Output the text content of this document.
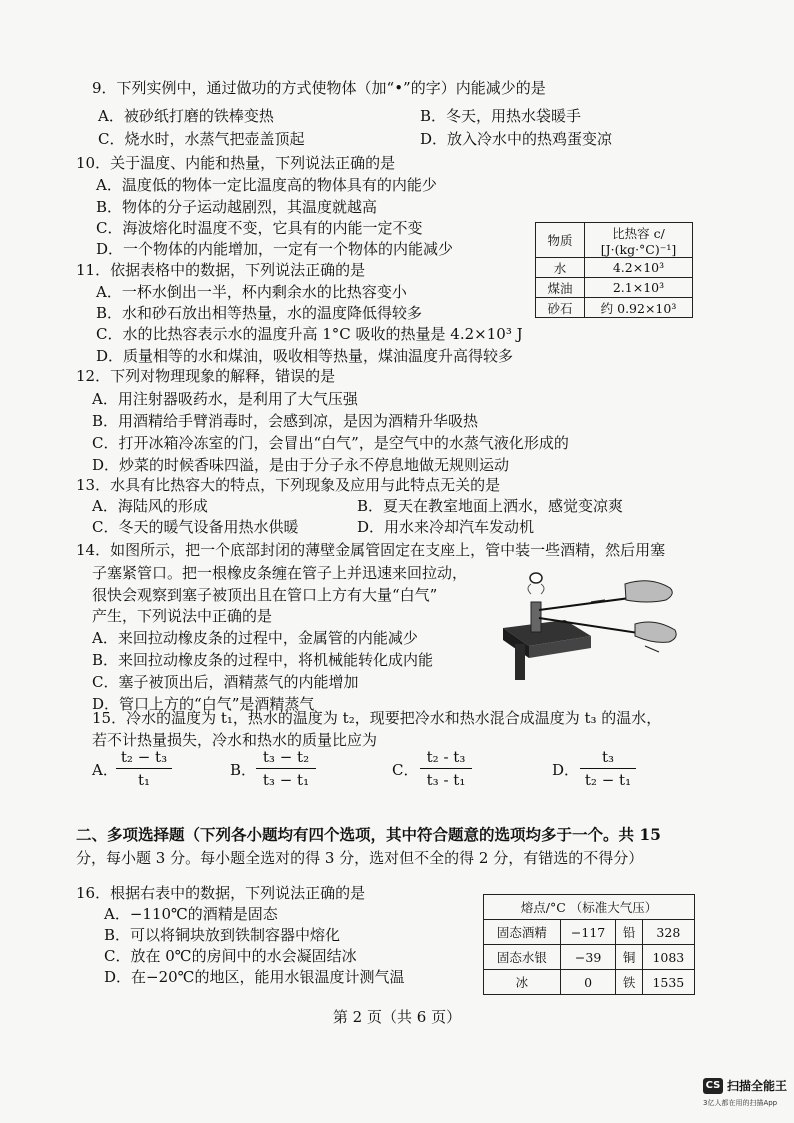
9．下列实例中，通过做功的方式使物体（加“•”的字）内能减少的是
A．被砂纸打磨的铁棒变热	B．冬天，用热水袋暖手
C．烧水时，水蒸气把壶盖顶起	D．放入冷水中的热鸡蛋变凉
10．关于温度、内能和热量，下列说法正确的是
A．温度低的物体一定比温度高的物体具有的内能少
B．物体的分子运动越剧烈，其温度就越高
C．海波熔化时温度不变，它具有的内能一定不变
D．一个物体的内能增加，一定有一个物体的内能减少	物质	比热容 c/
[J·(kg·°C)⁻¹]

水	4.2×10³
煤油	2.1×10³
砂石	约 0.92×10³
11．依据表格中的数据，下列说法正确的是
A．一杯水倒出一半，杯内剩余水的比热容变小
B．水和砂石放出相等热量，水的温度降低得较多
C．水的比热容表示水的温度升高 1°C 吸收的热量是 4.2×10³ J
D．质量相等的水和煤油，吸收相等热量，煤油温度升高得较多
12．下列对物理现象的解释，错误的是
A．用注射器吸药水，是利用了大气压强
B．用酒精给手臂消毒时，会感到凉，是因为酒精升华吸热
C．打开冰箱冷冻室的门，会冒出“白气”，是空气中的水蒸气液化形成的
D．炒菜的时候香味四溢，是由于分子永不停息地做无规则运动
13．水具有比热容大的特点，下列现象及应用与此特点无关的是
A．海陆风的形成	B．夏天在教室地面上洒水，感觉变凉爽
C．冬天的暖气设备用热水供暖	D．用水来冷却汽车发动机
14．如图所示，把一个底部封闭的薄壁金属管固定在支座上，管中装一些酒精，然后用塞
子塞紧管口。把一根橡皮条缠在管子上并迅速来回拉动，
很快会观察到塞子被顶出且在管口上方有大量“白气”
产生，下列说法中正确的是
A．来回拉动橡皮条的过程中，金属管的内能减少
B．来回拉动橡皮条的过程中，将机械能转化成内能
C．塞子被顶出后，酒精蒸气的内能增加
D．管口上方的“白气”是酒精蒸气
15．冷水的温度为 t₁，热水的温度为 t₂，现要把冷水和热水混合成温度为 t₃ 的温水，
若不计热量损失，冷水和热水的质量比应为
A．
t₂ − t₃
t₁
B．
t₃ − t₂
t₃ − t₁
C．
t₂ - t₃
t₃ - t₁
D．
t₃
t₂ − t₁
二、多项选择题（下列各小题均有四个选项，其中符合题意的选项均多于一个。共 15
分，每小题 3 分。每小题全选对的得 3 分，选对但不全的得 2 分，有错选的不得分）
16．根据右表中的数据，下列说法正确的是
A．−110℃的酒精是固态
B．可以将铜块放到铁制容器中熔化
C．放在 0℃的房间中的水会凝固结冰
D．在−20℃的地区，能用水银温度计测气温
熔点/°C （标准大气压）			
固态酒精	−117	铅	328
固态水银	−39	铜	1083
冰	0	铁	1535
第 2 页（共 6 页）
CS 扫描全能王
3亿人都在用的扫描App
